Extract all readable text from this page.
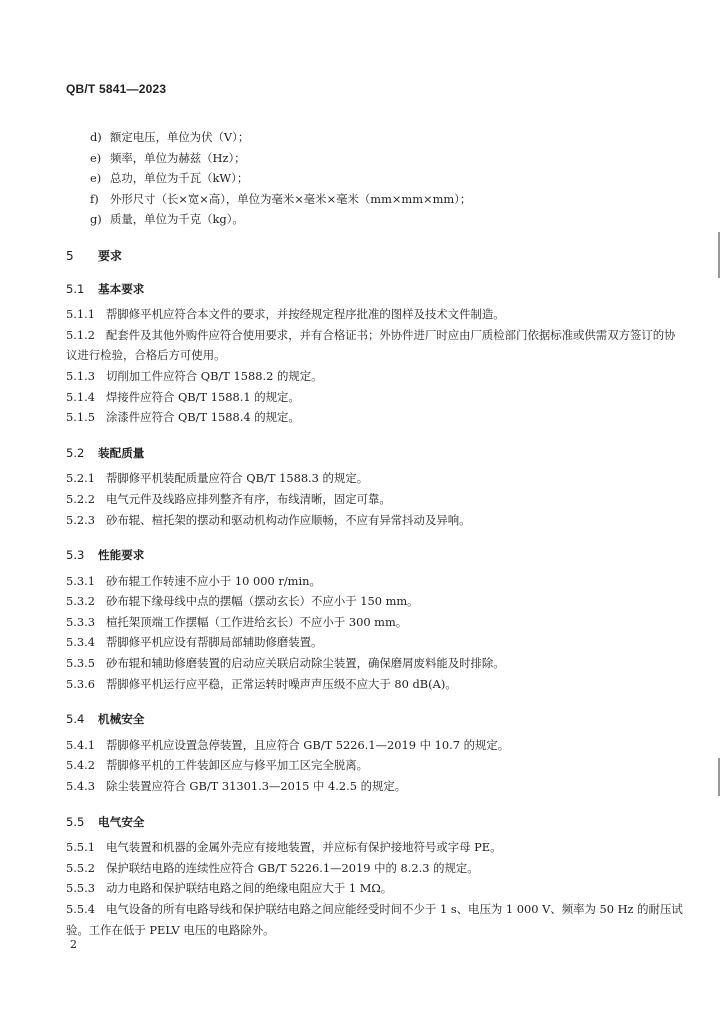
QB/T 5841—2023
d) 额定电压，单位为伏（V）；
e) 频率，单位为赫兹（Hz）；
e) 总功，单位为千瓦（kW）；
f) 外形尺寸（长×宽×高），单位为毫米×毫米×毫米（mm×mm×mm）；
g) 质量，单位为千克（kg）。
5 要求
5.1 基本要求
5.1.1 帮脚修平机应符合本文件的要求，并按经规定程序批准的图样及技术文件制造。
5.1.2 配套件及其他外购件应符合使用要求，并有合格证书；外协件进厂时应由厂质检部门依据标准或供需双方签订的协议进行检验，合格后方可使用。
5.1.3 切削加工件应符合 QB/T 1588.2 的规定。
5.1.4 焊接件应符合 QB/T 1588.1 的规定。
5.1.5 涂漆件应符合 QB/T 1588.4 的规定。
5.2 装配质量
5.2.1 帮脚修平机装配质量应符合 QB/T 1588.3 的规定。
5.2.2 电气元件及线路应排列整齐有序，布线清晰，固定可靠。
5.2.3 砂布辊、楦托架的摆动和驱动机构动作应顺畅，不应有异常抖动及异响。
5.3 性能要求
5.3.1 砂布辊工作转速不应小于 10 000 r/min。
5.3.2 砂布辊下缘母线中点的摆幅（摆动玄长）不应小于 150 mm。
5.3.3 楦托架顶端工作摆幅（工作进给玄长）不应小于 300 mm。
5.3.4 帮脚修平机应设有帮脚局部辅助修磨装置。
5.3.5 砂布辊和辅助修磨装置的启动应关联启动除尘装置，确保磨屑废料能及时排除。
5.3.6 帮脚修平机运行应平稳，正常运转时噪声声压级不应大于 80 dB(A)。
5.4 机械安全
5.4.1 帮脚修平机应设置急停装置，且应符合 GB/T 5226.1—2019 中 10.7 的规定。
5.4.2 帮脚修平机的工件装卸区应与修平加工区完全脱离。
5.4.3 除尘装置应符合 GB/T 31301.3—2015 中 4.2.5 的规定。
5.5 电气安全
5.5.1 电气装置和机器的金属外壳应有接地装置，并应标有保护接地符号或字母 PE。
5.5.2 保护联结电路的连续性应符合 GB/T 5226.1—2019 中的 8.2.3 的规定。
5.5.3 动力电路和保护联结电路之间的绝缘电阻应大于 1 MΩ。
5.5.4 电气设备的所有电路导线和保护联结电路之间应能经受时间不少于 1 s、电压为 1 000 V、频率为 50 Hz 的耐压试验。工作在低于 PELV 电压的电路除外。
2
